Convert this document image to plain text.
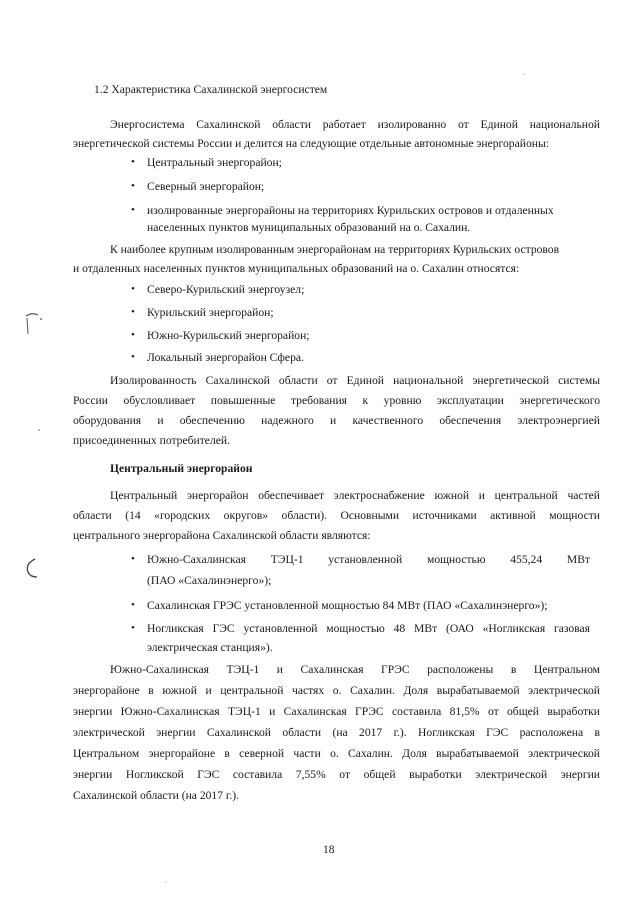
1.2 Характеристика Сахалинской энергосистем

Энергосистема Сахалинской области работает изолированно от Единой национальной

энергетической системы России и делится на следующие отдельные автономные энергорайоны:

• Центральный энергорайон;

• Северный энергорайон;

• изолированные энергорайоны на территориях Курильских островов и отдаленных

населенных пунктов муниципальных образований на о. Сахалин.

К наиболее крупным изолированным энергорайонам на территориях Курильских островов

и отдаленных населенных пунктов муниципальных образований на о. Сахалин относятся:

• Северо-Курильский энергоузел;

• Курильский энергорайон;

• Южно-Курильский энергорайон;

• Локальный энергорайон Сфера.

Изолированность Сахалинской области от Единой национальной энергетической системы

России обусловливает повышенные требования к уровню эксплуатации энергетического

оборудования и обеспечению надежного и качественного обеспечения электроэнергией

присоединенных потребителей.

Центральный энергорайон

Центральный энергорайон обеспечивает электроснабжение южной и центральной частей

области (14 «городских округов» области). Основными источниками активной мощности

центрального энергорайона Сахалинской области являются:

• Южно-Сахалинская ТЭЦ-1 установленной мощностью 455,24 МВт

(ПАО «Сахалинэнерго»);

• Сахалинская ГРЭС установленной мощностью 84 МВт (ПАО «Сахалинэнерго»);

• Ногликская ГЭС установленной мощностью 48 МВт (ОАО «Ногликская газовая

электрическая станция»).

Южно-Сахалинская ТЭЦ-1 и Сахалинская ГРЭС расположены в Центральном

энергорайоне в южной и центральной частях о. Сахалин. Доля вырабатываемой электрической

энергии Южно-Сахалинская ТЭЦ-1 и Сахалинская ГРЭС составила 81,5% от общей выработки

электрической энергии Сахалинской области (на 2017 г.). Ногликская ГЭС расположена в

Центральном энергорайоне в северной части о. Сахалин. Доля вырабатываемой электрической

энергии Ногликской ГЭС составила 7,55% от общей выработки электрической энергии

Сахалинской области (на 2017 г.).

18
